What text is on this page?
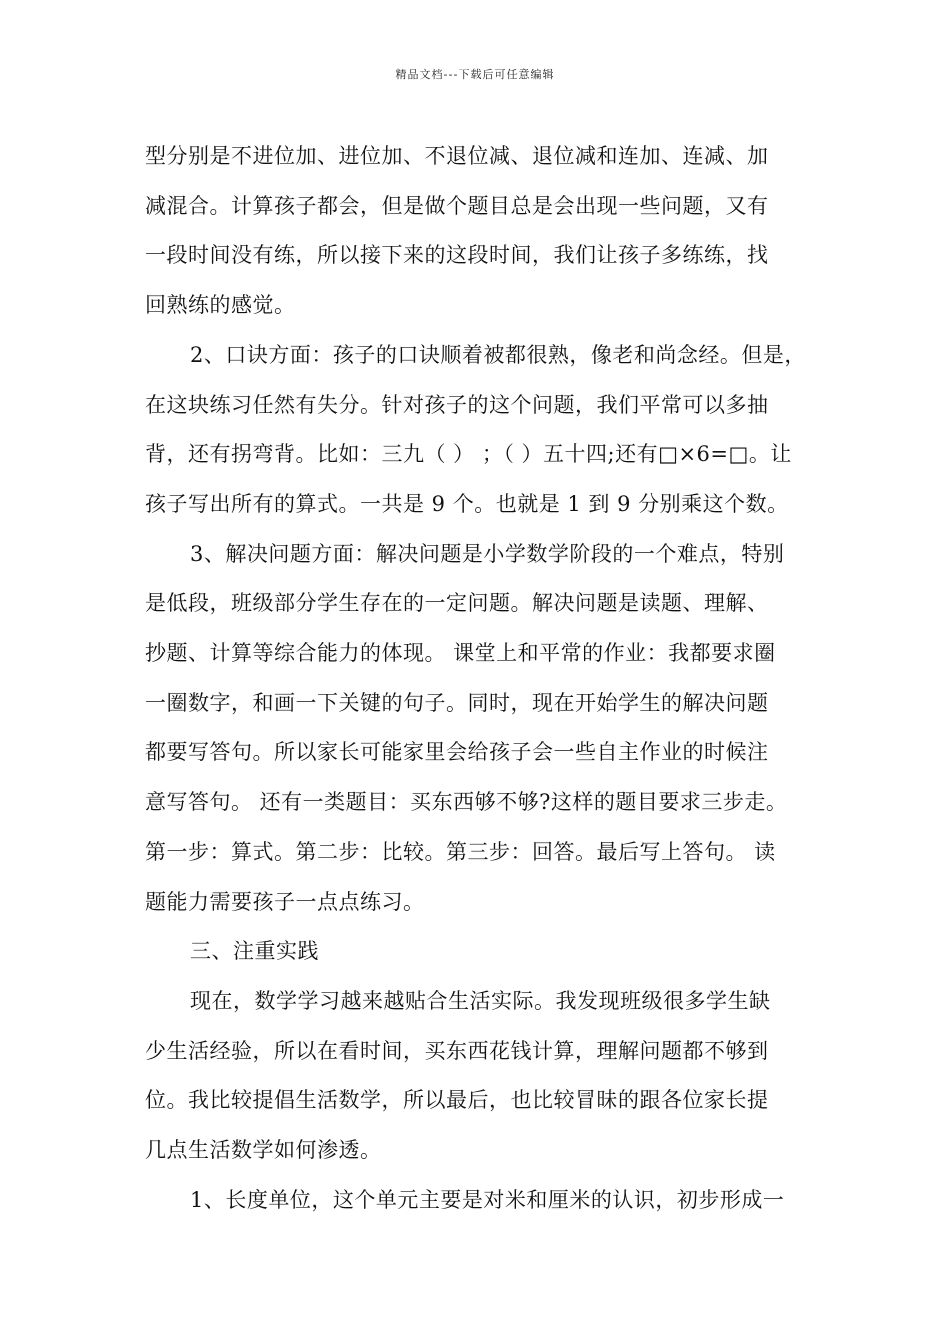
精品文档---下载后可任意编辑
型分别是不进位加、进位加、不退位减、退位减和连加、连减、加
减混合。计算孩子都会，但是做个题目总是会出现一些问题，又有
一段时间没有练，所以接下来的这段时间，我们让孩子多练练，找
回熟练的感觉。
2、口诀方面：孩子的口诀顺着被都很熟，像老和尚念经。但是，
在这块练习任然有失分。针对孩子的这个问题，我们平常可以多抽
背，还有拐弯背。比如：三九（ ） ；（ ）五十四;还有□×6=□。让
孩子写出所有的算式。一共是 9 个。也就是 1 到 9 分别乘这个数。
3、解决问题方面：解决问题是小学数学阶段的一个难点，特别
是低段，班级部分学生存在的一定问题。解决问题是读题、理解、
抄题、计算等综合能力的体现。 课堂上和平常的作业：我都要求圈
一圈数字，和画一下关键的句子。同时，现在开始学生的解决问题
都要写答句。所以家长可能家里会给孩子会一些自主作业的时候注
意写答句。 还有一类题目：买东西够不够?这样的题目要求三步走。
第一步：算式。第二步：比较。第三步：回答。最后写上答句。 读
题能力需要孩子一点点练习。
三、注重实践
现在，数学学习越来越贴合生活实际。我发现班级很多学生缺
少生活经验，所以在看时间，买东西花钱计算，理解问题都不够到
位。我比较提倡生活数学，所以最后，也比较冒昧的跟各位家长提
几点生活数学如何渗透。
1、长度单位，这个单元主要是对米和厘米的认识，初步形成一
